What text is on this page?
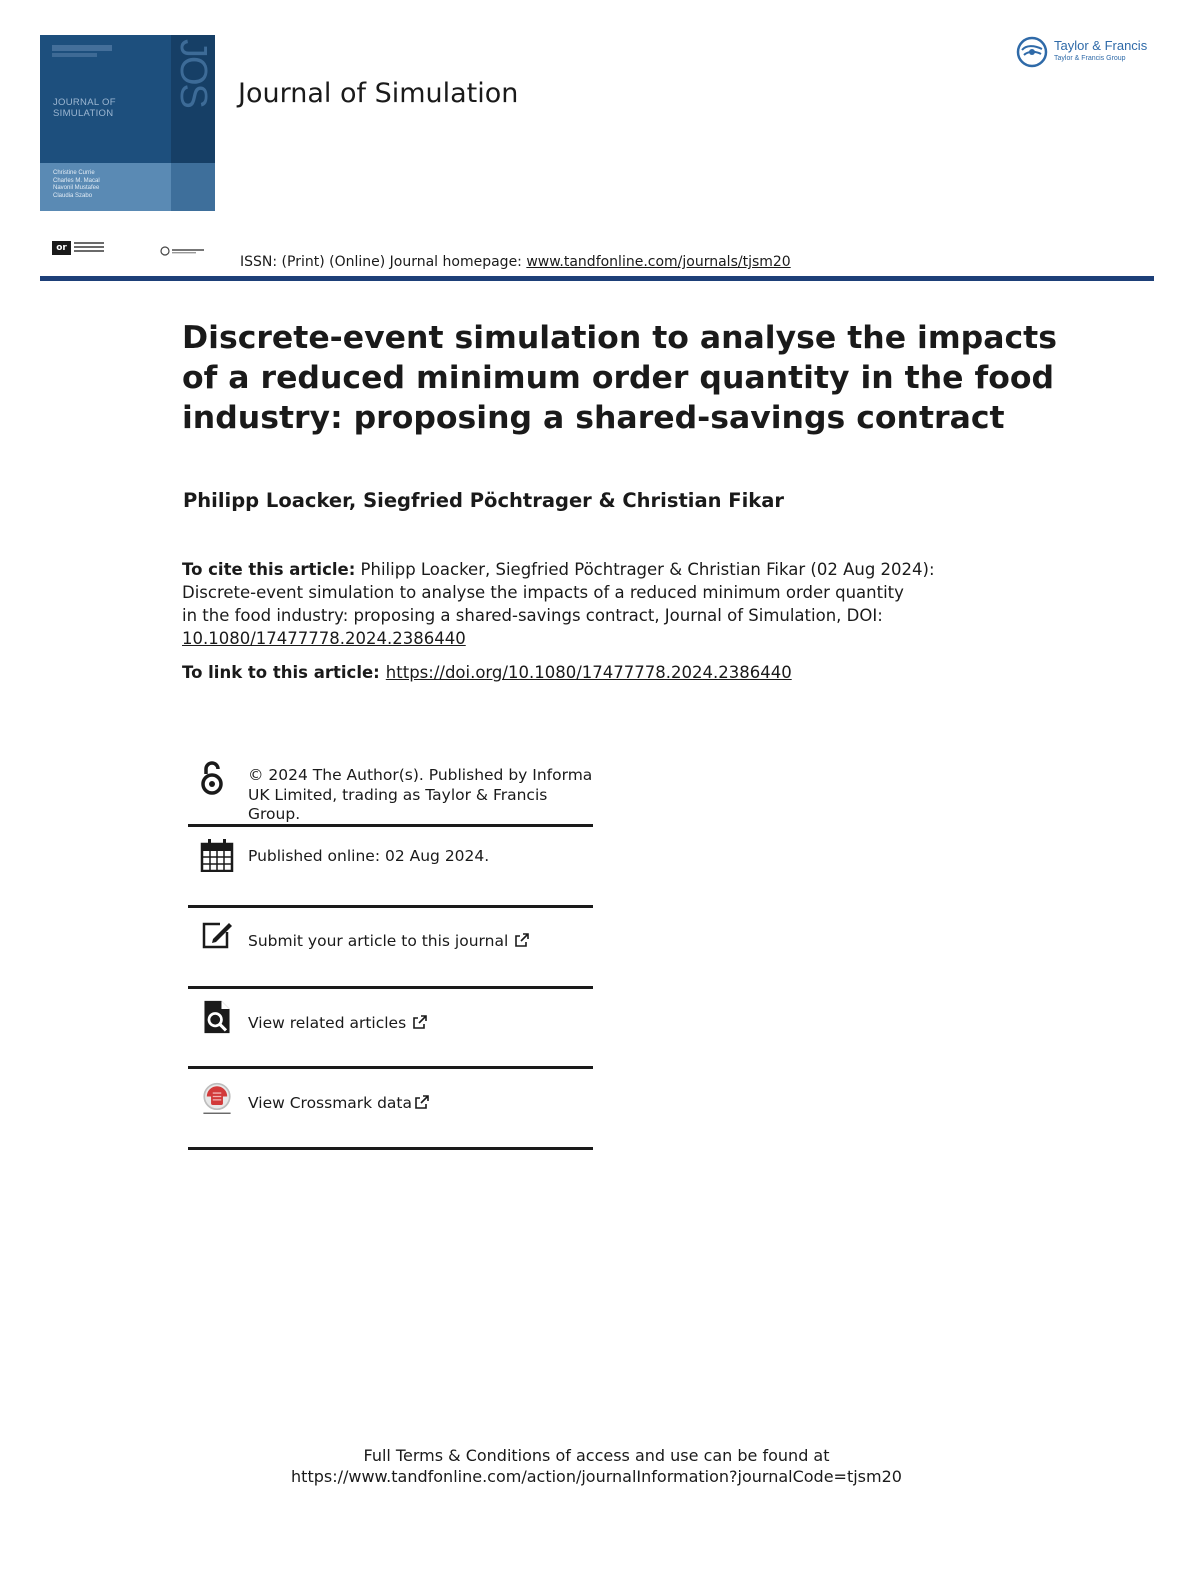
JOS
JOURNAL OF
SIMULATION
Christine Currie
Charles M. Macal
Navonil Mustafee
Claudia Szabo
Journal of Simulation
Taylor & Francis
Taylor & Francis Group
or
ISSN: (Print) (Online) Journal homepage: www.tandfonline.com/journals/tjsm20
Discrete-event simulation to analyse the impacts
of a reduced minimum order quantity in the food
industry: proposing a shared-savings contract
Philipp Loacker, Siegfried Pöchtrager & Christian Fikar
To cite this article: Philipp Loacker, Siegfried Pöchtrager & Christian Fikar (02 Aug 2024):
Discrete-event simulation to analyse the impacts of a reduced minimum order quantity
in the food industry: proposing a shared-savings contract, Journal of Simulation, DOI:
10.1080/17477778.2024.2386440
To link to this article: https://doi.org/10.1080/17477778.2024.2386440
© 2024 The Author(s). Published by Informa
UK Limited, trading as Taylor & Francis
Group.
Published online: 02 Aug 2024.
Submit your article to this journal
View related articles
View Crossmark data
Full Terms & Conditions of access and use can be found at
https://www.tandfonline.com/action/journalInformation?journalCode=tjsm20
